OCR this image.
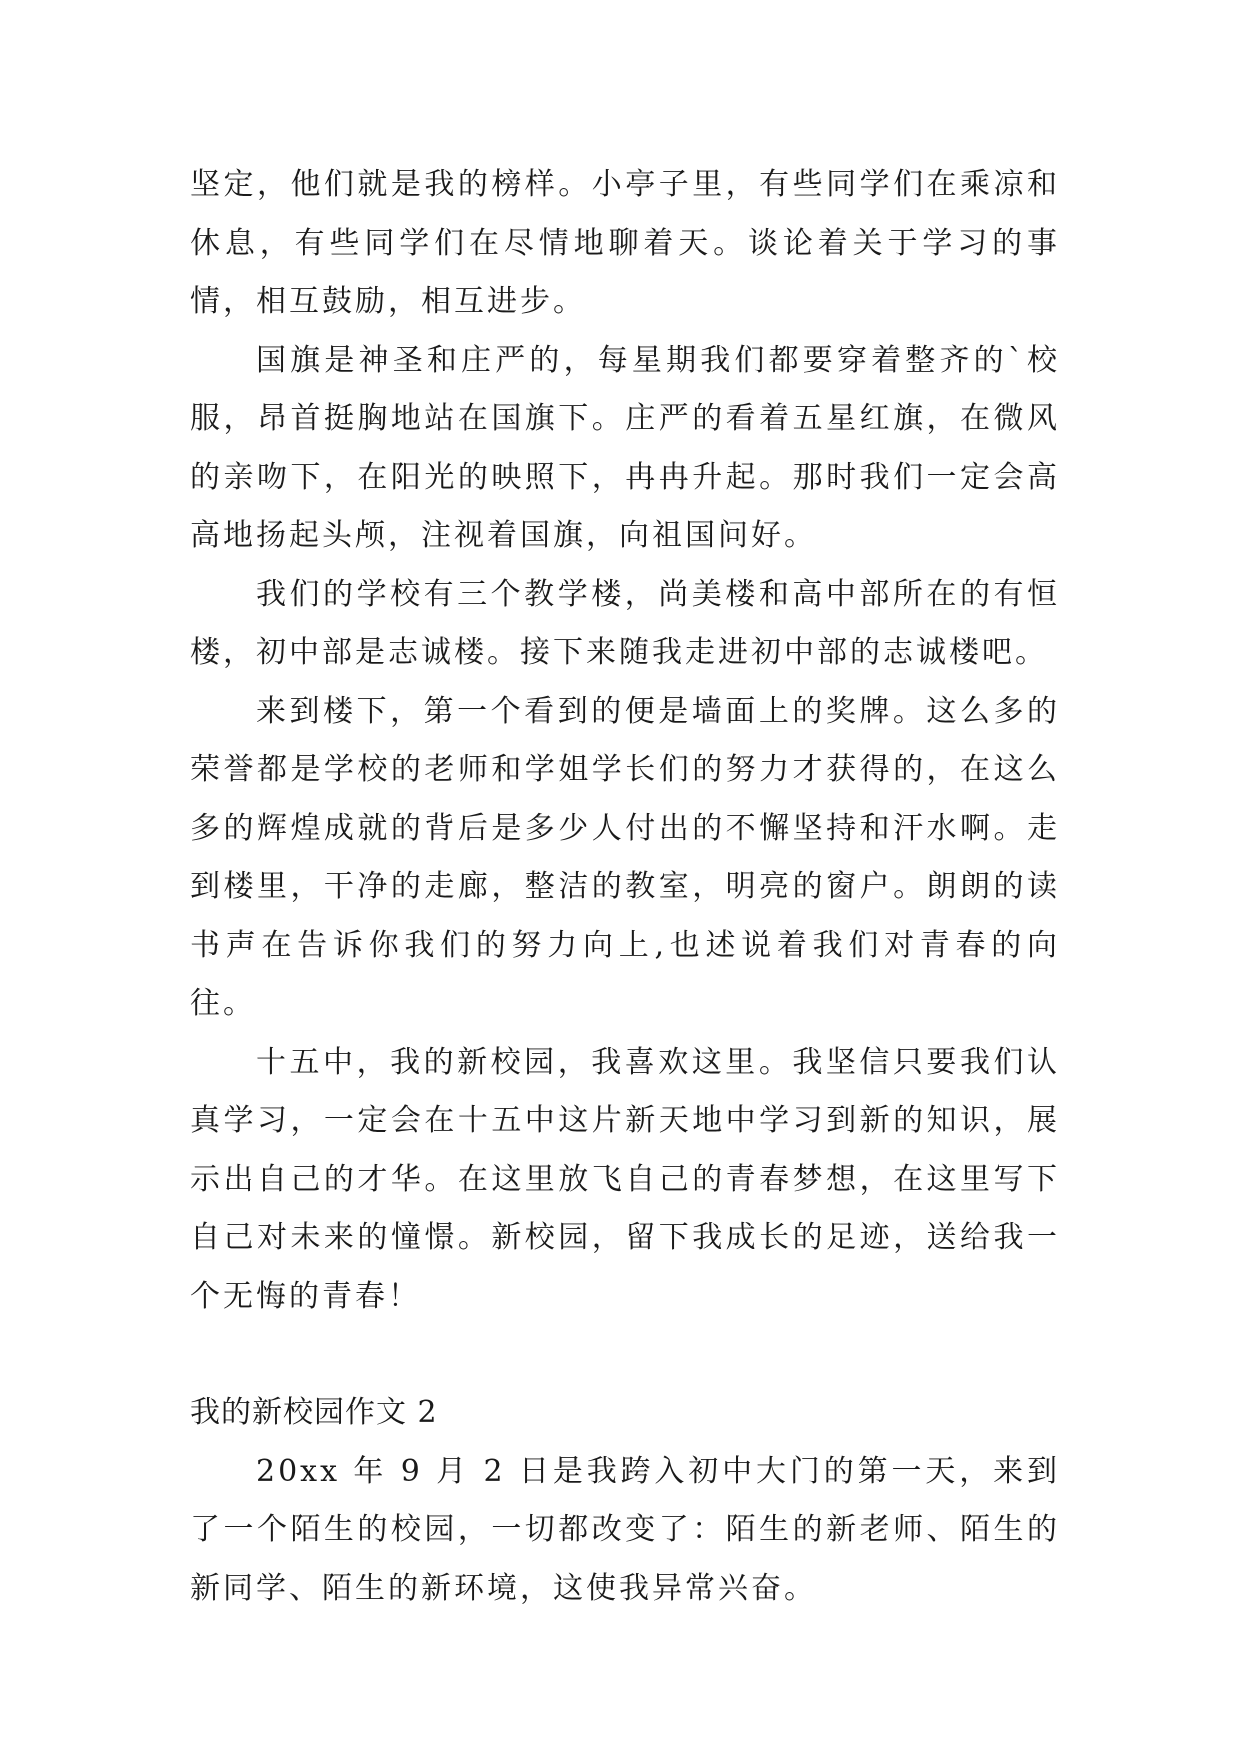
坚定，他们就是我的榜样。小亭子里，有些同学们在乘凉和休息，有些同学们在尽情地聊着天。谈论着关于学习的事情，相互鼓励，相互进步。

国旗是神圣和庄严的，每星期我们都要穿着整齐的`校服，昂首挺胸地站在国旗下。庄严的看着五星红旗，在微风的亲吻下，在阳光的映照下，冉冉升起。那时我们一定会高高地扬起头颅，注视着国旗，向祖国问好。

我们的学校有三个教学楼，尚美楼和高中部所在的有恒楼，初中部是志诚楼。接下来随我走进初中部的志诚楼吧。

来到楼下，第一个看到的便是墙面上的奖牌。这么多的荣誉都是学校的老师和学姐学长们的努力才获得的，在这么多的辉煌成就的背后是多少人付出的不懈坚持和汗水啊。走到楼里，干净的走廊，整洁的教室，明亮的窗户。朗朗的读书声在告诉你我们的努力向上,也述说着我们对青春的向往。

十五中，我的新校园，我喜欢这里。我坚信只要我们认真学习，一定会在十五中这片新天地中学习到新的知识，展示出自己的才华。在这里放飞自己的青春梦想，在这里写下自己对未来的憧憬。新校园，留下我成长的足迹，送给我一个无悔的青春！

我的新校园作文 2

20xx 年 9 月 2 日是我跨入初中大门的第一天，来到了一个陌生的校园，一切都改变了：陌生的新老师、陌生的新同学、陌生的新环境，这使我异常兴奋。
